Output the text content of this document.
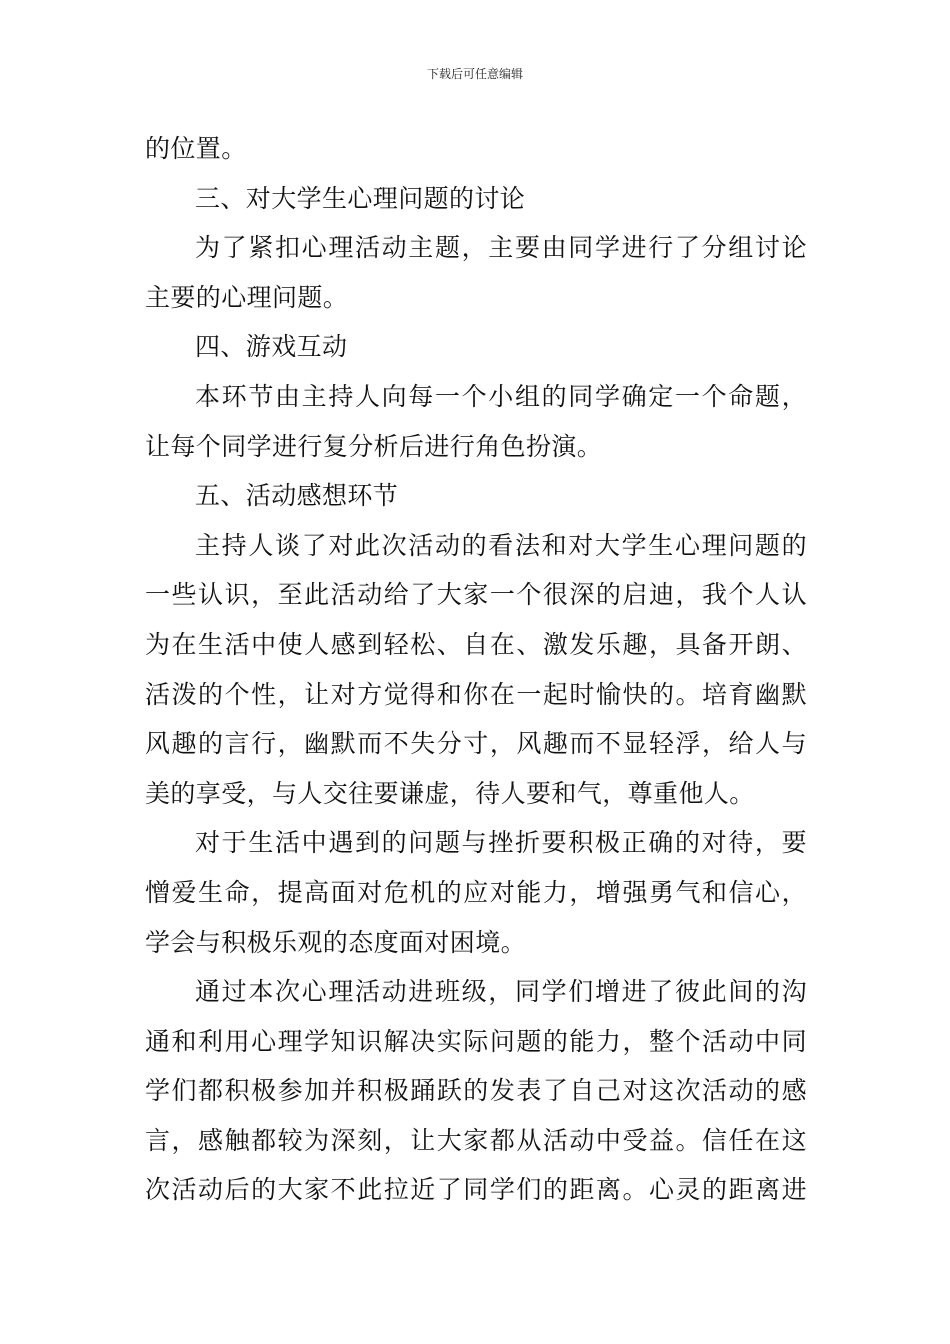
下载后可任意编辑
的位置。
三、对大学生心理问题的讨论
为了紧扣心理活动主题，主要由同学进行了分组讨论
主要的心理问题。
四、游戏互动
本环节由主持人向每一个小组的同学确定一个命题，
让每个同学进行复分析后进行角色扮演。
五、活动感想环节
主持人谈了对此次活动的看法和对大学生心理问题的
一些认识，至此活动给了大家一个很深的启迪，我个人认
为在生活中使人感到轻松、自在、激发乐趣，具备开朗、
活泼的个性，让对方觉得和你在一起时愉快的。培育幽默
风趣的言行，幽默而不失分寸，风趣而不显轻浮，给人与
美的享受，与人交往要谦虚，待人要和气，尊重他人。
对于生活中遇到的问题与挫折要积极正确的对待，要
憎爱生命，提高面对危机的应对能力，增强勇气和信心，
学会与积极乐观的态度面对困境。
通过本次心理活动进班级，同学们增进了彼此间的沟
通和利用心理学知识解决实际问题的能力，整个活动中同
学们都积极参加并积极踊跃的发表了自己对这次活动的感
言，感触都较为深刻，让大家都从活动中受益。信任在这
次活动后的大家不此拉近了同学们的距离。心灵的距离进
